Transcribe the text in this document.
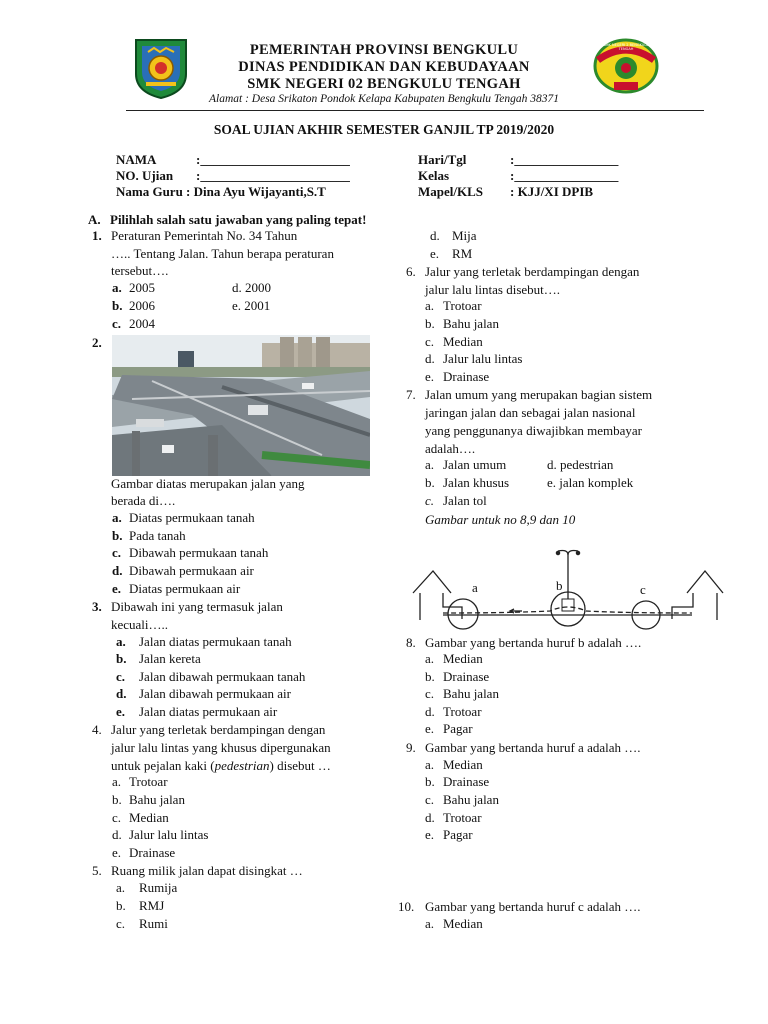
PEMERINTAH PROVINSI BENGKULU
DINAS PENDIDIKAN DAN KEBUDAYAAN
SMK NEGERI 02 BENGKULU TENGAH
Alamat : Desa Srikaton Pondok Kelapa Kabupaten Bengkulu Tengah 38371
SMK NEGERI 2 BENGKULU TENGAH
SOAL UJIAN AKHIR SEMESTER GANJIL TP 2019/2020
NAMA	:_______________________
NO. Ujian :_______________________
Nama Guru : Dina Ayu Wijayanti,S.T
Hari/Tgl	:________________
Kelas	:________________
Mapel/KLS : KJJ/XI DPIB
A. Pilihlah salah satu jawaban yang paling tepat!
1. Peraturan Pemerintah No. 34 Tahun
….. Tentang Jalan. Tahun berapa peraturan
tersebut….
a. 2005	d. 2000
b. 2006	e. 2001
c. 2004
2.
Gambar diatas merupakan jalan yang
berada di….
a. Diatas permukaan tanah
b. Pada tanah
c. Dibawah permukaan tanah
d. Dibawah permukaan air
e. Diatas permukaan air
3. Dibawah ini yang termasuk jalan
kecuali…..
a. Jalan diatas permukaan tanah
b. Jalan kereta
c. Jalan dibawah permukaan tanah
d. Jalan dibawah permukaan air
e. Jalan diatas permukaan air
4. Jalur yang terletak berdampingan dengan
jalur lalu lintas yang khusus dipergunakan
untuk pejalan kaki (pedestrian) disebut …
a. Trotoar
b. Bahu jalan
c. Median
d. Jalur lalu lintas
e. Drainase
5. Ruang milik jalan dapat disingkat …
a. Rumija
b. RMJ
c. Rumi
d. Mija
e. RM
6. Jalur yang terletak berdampingan dengan
jalur lalu lintas disebut….
a. Trotoar
b. Bahu jalan
c. Median
d. Jalur lalu lintas
e. Drainase
7. Jalan umum yang merupakan bagian sistem
jaringan jalan dan sebagai jalan nasional
yang penggunanya diwajibkan membayar
adalah….
a. Jalan umum	d. pedestrian
b. Jalan khusus	e. jalan komplek
c. Jalan tol
Gambar untuk no 8,9 dan 10
a	b	c
8. Gambar yang bertanda huruf b adalah ….
a. Median
b. Drainase
c. Bahu jalan
d. Trotoar
e. Pagar
9. Gambar yang bertanda huruf a adalah ….
a. Median
b. Drainase
c. Bahu jalan
d. Trotoar
e. Pagar
10. Gambar yang bertanda huruf c adalah ….
a. Median
